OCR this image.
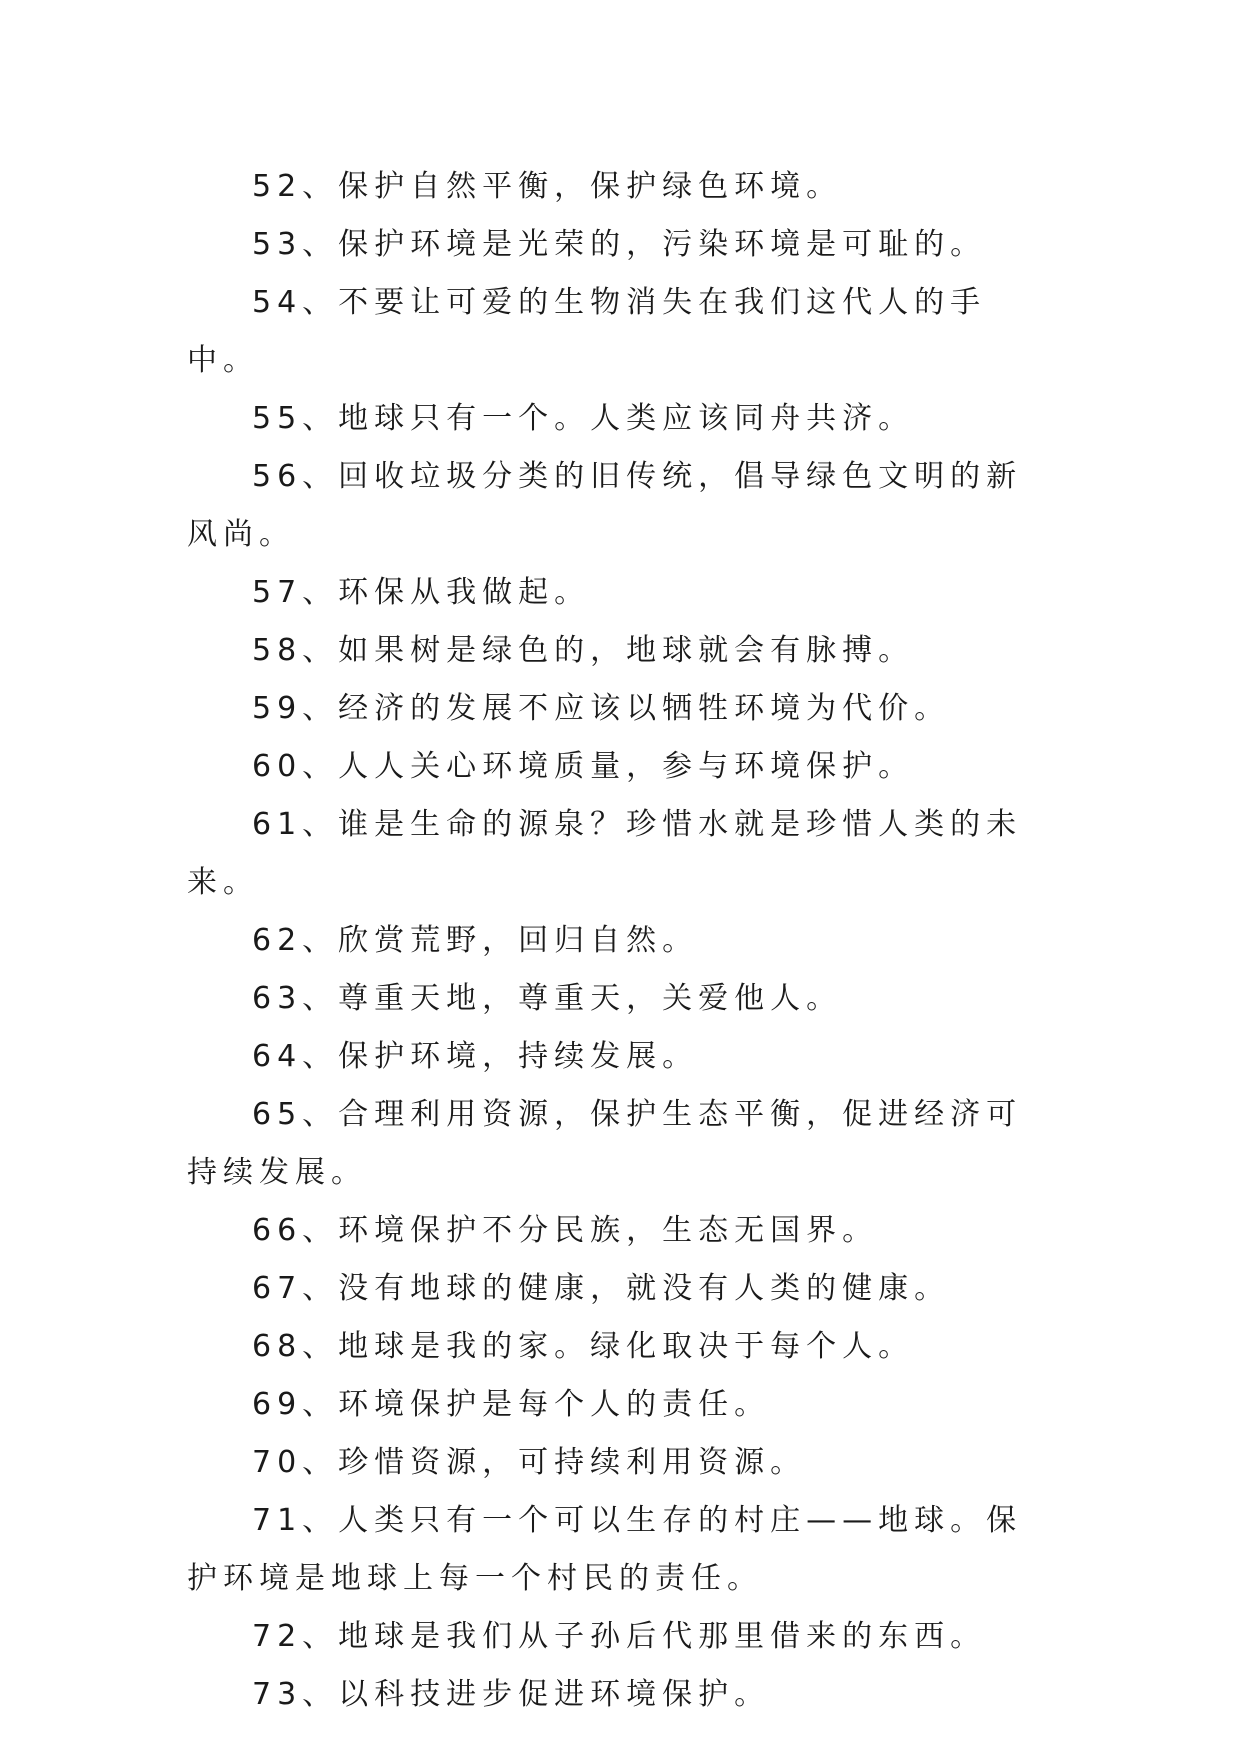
52、保护自然平衡，保护绿色环境。

53、保护环境是光荣的，污染环境是可耻的。

54、不要让可爱的生物消失在我们这代人的手中。

55、地球只有一个。人类应该同舟共济。

56、回收垃圾分类的旧传统，倡导绿色文明的新风尚。

57、环保从我做起。

58、如果树是绿色的，地球就会有脉搏。

59、经济的发展不应该以牺牲环境为代价。

60、人人关心环境质量，参与环境保护。

61、谁是生命的源泉？珍惜水就是珍惜人类的未来。

62、欣赏荒野，回归自然。

63、尊重天地，尊重天，关爱他人。

64、保护环境，持续发展。

65、合理利用资源，保护生态平衡，促进经济可持续发展。

66、环境保护不分民族，生态无国界。

67、没有地球的健康，就没有人类的健康。

68、地球是我的家。绿化取决于每个人。

69、环境保护是每个人的责任。

70、珍惜资源，可持续利用资源。

71、人类只有一个可以生存的村庄——地球。保护环境是地球上每一个村民的责任。

72、地球是我们从子孙后代那里借来的东西。

73、以科技进步促进环境保护。
